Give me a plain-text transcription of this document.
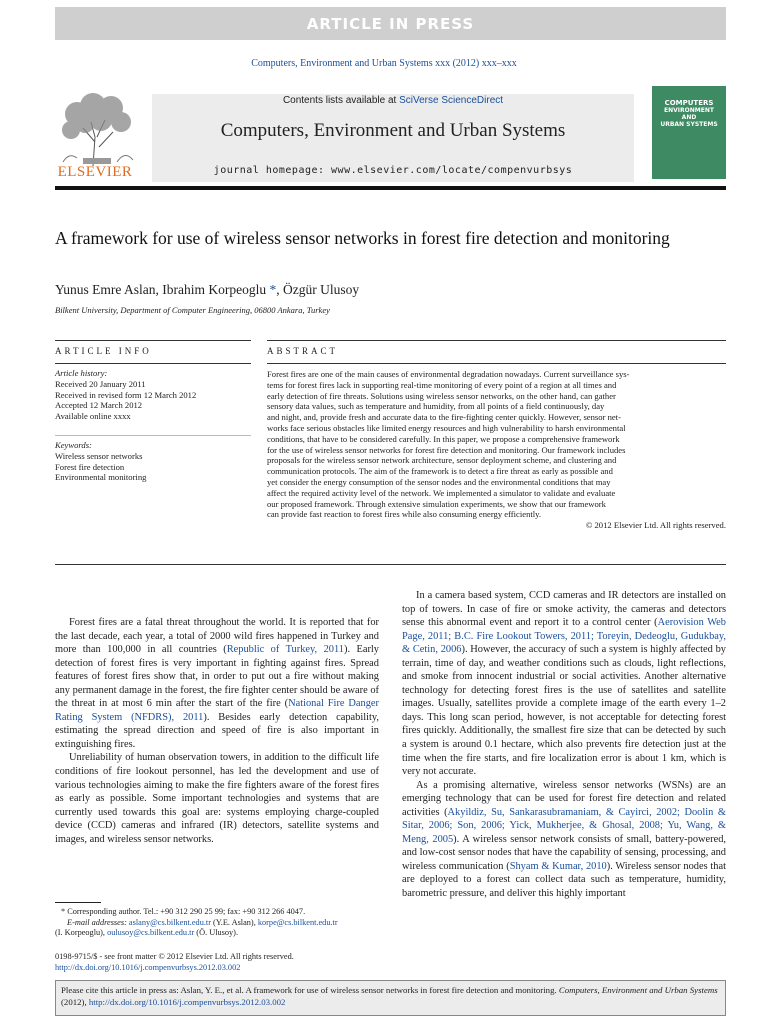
ARTICLE IN PRESS
Computers, Environment and Urban Systems xxx (2012) xxx–xxx
ELSEVIER
Contents lists available at SciVerse ScienceDirect
Computers, Environment and Urban Systems
journal homepage: www.elsevier.com/locate/compenvurbsys
COMPUTERS
ENVIRONMENT
AND
URBAN SYSTEMS
A framework for use of wireless sensor networks in forest fire detection and monitoring
Yunus Emre Aslan, Ibrahim Korpeoglu *, Özgür Ulusoy
Bilkent University, Department of Computer Engineering, 06800 Ankara, Turkey
ARTICLE INFO
Article history:
Received 20 January 2011
Received in revised form 12 March 2012
Accepted 12 March 2012
Available online xxxx
Keywords:
Wireless sensor networks
Forest fire detection
Environmental monitoring
ABSTRACT
Forest fires are one of the main causes of environmental degradation nowadays. Current surveillance sys-
tems for forest fires lack in supporting real-time monitoring of every point of a region at all times and
early detection of fire threats. Solutions using wireless sensor networks, on the other hand, can gather
sensory data values, such as temperature and humidity, from all points of a field continuously, day
and night, and, provide fresh and accurate data to the fire-fighting center quickly. However, sensor net-
works face serious obstacles like limited energy resources and high vulnerability to harsh environmental
conditions, that have to be considered carefully. In this paper, we propose a comprehensive framework
for the use of wireless sensor networks for forest fire detection and monitoring. Our framework includes
proposals for the wireless sensor network architecture, sensor deployment scheme, and clustering and
communication protocols. The aim of the framework is to detect a fire threat as early as possible and
yet consider the energy consumption of the sensor nodes and the environmental conditions that may
affect the required activity level of the network. We implemented a simulator to validate and evaluate
our proposed framework. Through extensive simulation experiments, we show that our framework
can provide fast reaction to forest fires while also consuming energy efficiently.
© 2012 Elsevier Ltd. All rights reserved.

Forest fires are a fatal threat throughout the world. It is reported that for the last decade, each year, a total of 2000 wild fires happened in Turkey and more than 100,000 in all countries (Republic of Turkey, 2011). Early detection of forest fires is very important in fighting against fires. Spread features of forest fires show that, in order to put out a fire without making any permanent damage in the forest, the fire fighter center should be aware of the threat in at most 6 min after the start of the fire (National Fire Danger Rating System (NFDRS), 2011). Besides early detection capability, estimating the spread direction and speed of fire is also important in extinguishing fires.

Unreliability of human observation towers, in addition to the difficult life conditions of fire lookout personnel, has led the development and use of various technologies aiming to make the fire fighters aware of the forest fires as early as possible. Some important technologies and systems that are currently used towards this goal are: systems employing charge-coupled device (CCD) cameras and infrared (IR) detectors, satellite systems and images, and wireless sensor networks.

* Corresponding author. Tel.: +90 312 290 25 99; fax: +90 312 266 4047.
E-mail addresses: aslany@cs.bilkent.edu.tr (Y.E. Aslan), korpe@cs.bilkent.edu.tr
(I. Korpeoglu), oulusoy@cs.bilkent.edu.tr (Ö. Ulusoy).
0198-9715/$ - see front matter © 2012 Elsevier Ltd. All rights reserved.
http://dx.doi.org/10.1016/j.compenvurbsys.2012.03.002

In a camera based system, CCD cameras and IR detectors are installed on top of towers. In case of fire or smoke activity, the cameras and detectors sense this abnormal event and report it to a control center (Aerovision Web Page, 2011; B.C. Fire Lookout Towers, 2011; Toreyin, Dedeoglu, Gudukbay, & Cetin, 2006). However, the accuracy of such a system is highly affected by terrain, time of day, and weather conditions such as clouds, light reflections, and smoke from innocent industrial or social activities. Another alternative technology for detecting forest fires is the use of satellites and satellite images. Usually, satellites provide a complete image of the earth every 1–2 days. This long scan period, however, is not acceptable for detecting forest fires quickly. Additionally, the smallest fire size that can be detected by such a system is around 0.1 hectare, which also prevents fire detection just at the time when the fire starts, and fire localization error is about 1 km, which is very not accurate.

As a promising alternative, wireless sensor networks (WSNs) are an emerging technology that can be used for forest fire detection and related activities (Akyildiz, Su, Sankarasubramaniam, & Cayirci, 2002; Doolin & Sitar, 2006; Son, 2006; Yick, Mukherjee, & Ghosal, 2008; Yu, Wang, & Meng, 2005). A wireless sensor network consists of small, battery-powered, and low-cost sensor nodes that have the capability of sensing, processing, and wireless communication (Shyam & Kumar, 2010). Wireless sensor nodes that are deployed to a forest can collect data such as temperature, humidity, barometric pressure, and deliver this highly important

Please cite this article in press as: Aslan, Y. E., et al. A framework for use of wireless sensor networks in forest fire detection and monitoring. Computers, Environment and Urban Systems (2012), http://dx.doi.org/10.1016/j.compenvurbsys.2012.03.002
